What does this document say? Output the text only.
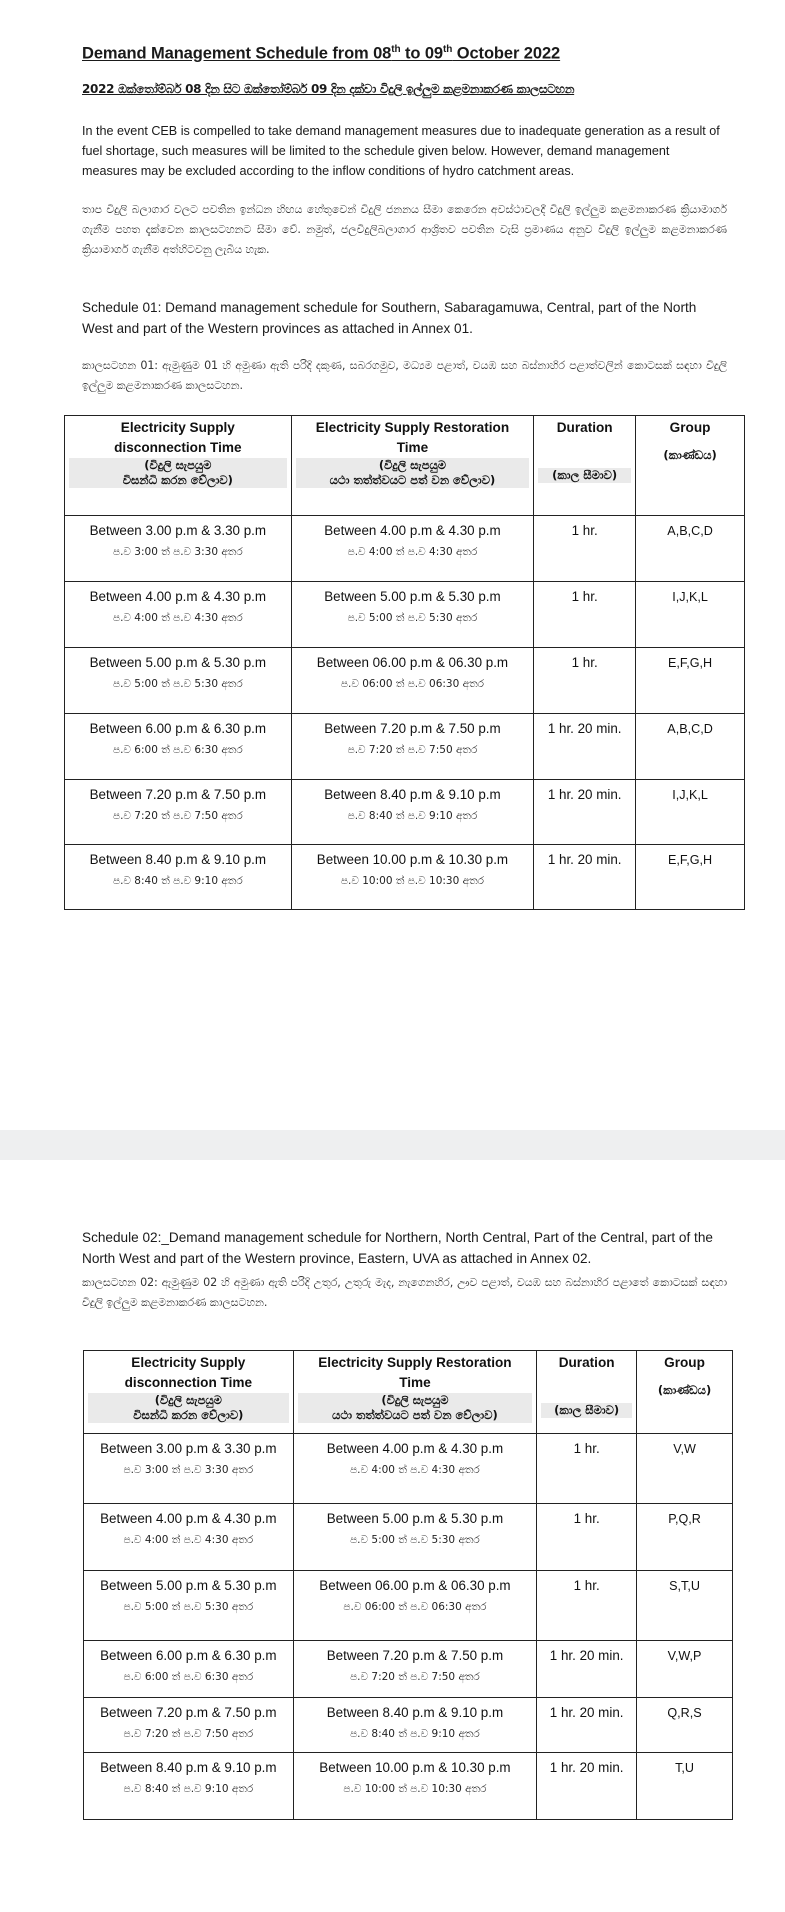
Demand Management Schedule from 08th to 09th October 2022
2022 ඔක්තෝම්බර් 08 දින සිට ඔක්තෝම්බර් 09 දින දක්වා විදුලි ඉල්ලුම කළමනාකරණ කාලසටහන
In the event CEB is compelled to take demand management measures due to inadequate generation as a result of fuel shortage, such measures will be limited to the schedule given below. However, demand management measures may be excluded according to the inflow conditions of hydro catchment areas.
තාප විදුලි බලාගාර වලට පවතින ඉන්ධන හිඟය හේතුවෙන් විදුලි ජනනය සීමා කෙරෙන අවස්ථාවලදී විදුලි ඉල්ලුම කළමනාකරණ ක්‍රියාමාර්ග ගැනීම පහත දැක්වෙන කාලසටහනට සීමා වේ. නමුත්, ජලවිදුලිබලාගාර ආශ්‍රිතව පවතින වැසි ප්‍රමාණය අනුව විදුලි ඉල්ලුම කළමනාකරණ ක්‍රියාමාර්ග ගැනීම අත්හිටවනු ලැබිය හැක.
Schedule 01: Demand management schedule for Southern, Sabaragamuwa, Central, part of the North West and part of the Western provinces as attached in Annex 01.
කාලසටහන 01: ඇමුණුම 01 හි අමුණා ඇති පරිදි දකුණ, සබරගමුව, මධ්‍යම පළාත්, වයඹ සහ බස්නාහිර පළාත්වලින් කොටසක් සඳහා විදුලි ඉල්ලුම කළමනාකරණ කාලසටහන.
Electricity Supply
disconnection Time
(විදුලි සැපයුම
විසන්ධි කරන වේලාව)	Electricity Supply Restoration
Time
(විදුලි සැපයුම
යථා තත්ත්වයට පත් වන වේලාව)	Duration
(කාල සීමාව)	Group
(කාණ්ඩය)

Between 3.00 p.m & 3.30 p.m
ප.ව 3:00 ත් ප.ව 3:30 අතර	Between 4.00 p.m & 4.30 p.m
ප.ව 4:00 ත් ප.ව 4:30 අතර	1 hr.	A,B,C,D

Between 4.00 p.m & 4.30 p.m
ප.ව 4:00 ත් ප.ව 4:30 අතර	Between 5.00 p.m & 5.30 p.m
ප.ව 5:00 ත් ප.ව 5:30 අතර	1 hr.	I,J,K,L

Between 5.00 p.m & 5.30 p.m
ප.ව 5:00 ත් ප.ව 5:30 අතර	Between 06.00 p.m & 06.30 p.m
ප.ව 06:00 ත් ප.ව 06:30 අතර	1 hr.	E,F,G,H

Between 6.00 p.m & 6.30 p.m
ප.ව 6:00 ත් ප.ව 6:30 අතර	Between 7.20 p.m & 7.50 p.m
ප.ව 7:20 ත් ප.ව 7:50 අතර	1 hr. 20 min.	A,B,C,D

Between 7.20 p.m & 7.50 p.m
ප.ව 7:20 ත් ප.ව 7:50 අතර	Between 8.40 p.m & 9.10 p.m
ප.ව 8:40 ත් ප.ව 9:10 අතර	1 hr. 20 min.	I,J,K,L

Between 8.40 p.m & 9.10 p.m
ප.ව 8:40 ත් ප.ව 9:10 අතර	Between 10.00 p.m & 10.30 p.m
ප.ව 10:00 ත් ප.ව 10:30 අතර	1 hr. 20 min.	E,F,G,H
Schedule 02:_Demand management schedule for Northern, North Central, Part of the Central, part of the North West and part of the Western province, Eastern, UVA as attached in Annex 02.
කාලසටහන 02: ඇමුණුම 02 හි අමුණා ඇති පරිදි උතුර, උතුරු මැද, නැගෙනහිර, ඌව පළාත්, වයඹ සහ බස්නාහිර පළාතේ කොටසක් සඳහා විදුලි ඉල්ලුම කළමනාකරණ කාලසටහන.
Electricity Supply
disconnection Time
(විදුලි සැපයුම
විසන්ධි කරන වේලාව)	Electricity Supply Restoration
Time
(විදුලි සැපයුම
යථා තත්ත්වයට පත් වන වේලාව)	Duration
(කාල සීමාව)	Group
(කාණ්ඩය)

Between 3.00 p.m & 3.30 p.m
ප.ව 3:00 ත් ප.ව 3:30 අතර	Between 4.00 p.m & 4.30 p.m
ප.ව 4:00 ත් ප.ව 4:30 අතර	1 hr.	V,W

Between 4.00 p.m & 4.30 p.m
ප.ව 4:00 ත් ප.ව 4:30 අතර	Between 5.00 p.m & 5.30 p.m
ප.ව 5:00 ත් ප.ව 5:30 අතර	1 hr.	P,Q,R

Between 5.00 p.m & 5.30 p.m
ප.ව 5:00 ත් ප.ව 5:30 අතර	Between 06.00 p.m & 06.30 p.m
ප.ව 06:00 ත් ප.ව 06:30 අතර	1 hr.	S,T,U

Between 6.00 p.m & 6.30 p.m
ප.ව 6:00 ත් ප.ව 6:30 අතර	Between 7.20 p.m & 7.50 p.m
ප.ව 7:20 ත් ප.ව 7:50 අතර	1 hr. 20 min.	V,W,P

Between 7.20 p.m & 7.50 p.m
ප.ව 7:20 ත් ප.ව 7:50 අතර	Between 8.40 p.m & 9.10 p.m
ප.ව 8:40 ත් ප.ව 9:10 අතර	1 hr. 20 min.	Q,R,S

Between 8.40 p.m & 9.10 p.m
ප.ව 8:40 ත් ප.ව 9:10 අතර	Between 10.00 p.m & 10.30 p.m
ප.ව 10:00 ත් ප.ව 10:30 අතර	1 hr. 20 min.	T,U
